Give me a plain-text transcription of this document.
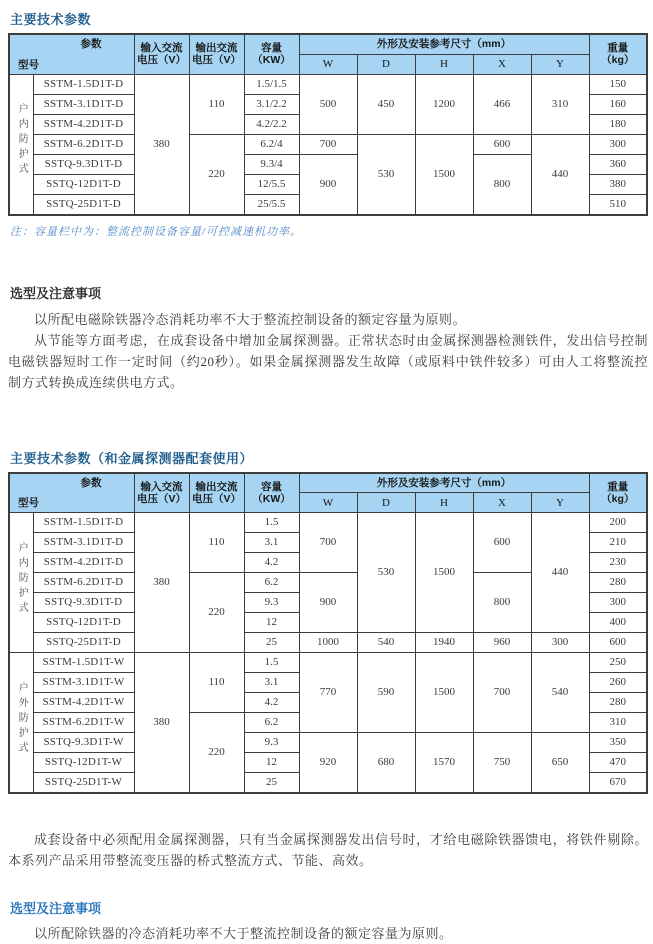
主要技术参数
参数
型号

输入交流
电压（V）

输出交流
电压（V）

容量
（KW）
	外形及安装参考尺寸（mm）	重量
（kg）

					W	D	H	X	Y	
户内防护式	SSTM-1.5D1T-D	380	110	1.5/1.5	500	450	1200	466	310	150
	SSTM-3.1D1T-D			3.1/2.2						160
	SSTM-4.2D1T-D			4.2/2.2						180
	SSTM-6.2D1T-D		220	6.2/4	700	530	1500	600	440	300
	SSTQ-9.3D1T-D			9.3/4	900			800		360
	SSTQ-12D1T-D			12/5.5						380
	SSTQ-25D1T-D			25/5.5						510

注：容量栏中为：整流控制设备容量/可控减速机功率。

选型及注意事项

以所配电磁除铁器冷态消耗功率不大于整流控制设备的额定容量为原则。

从节能等方面考虑，在成套设备中增加金属探测器。正常状态时由金属探测器检测铁件，发出信号控制电磁铁器短时工作一定时间（约20秒）。如果金属探测器发生故障（或原料中铁件较多）可由人工将整流控制方式转换成连续供电方式。

主要技术参数（和金属探测器配套使用）
参数
型号

输入交流
电压（V）

输出交流
电压（V）

容量
（KW）
	外形及安装参考尺寸（mm）	重量
（kg）

					W	D	H	X	Y	
户内防护式	SSTM-1.5D1T-D	380	110	1.5	700	530	1500	600	440	200
	SSTM-3.1D1T-D			3.1						210
	SSTM-4.2D1T-D			4.2						230
	SSTM-6.2D1T-D		220	6.2	900			800		280
	SSTQ-9.3D1T-D			9.3						300
	SSTQ-12D1T-D			12						400
	SSTQ-25D1T-D			25	1000	540	1940	960	300	600
户外防护式	SSTM-1.5D1T-W	380	110	1.5	770	590	1500	700	540	250
	SSTM-3.1D1T-W			3.1						260
	SSTM-4.2D1T-W			4.2						280
	SSTM-6.2D1T-W		220	6.2						310
	SSTQ-9.3D1T-W			9.3	920	680	1570	750	650	350
	SSTQ-12D1T-W			12						470
	SSTQ-25D1T-W			25						670

成套设备中必须配用金属探测器，只有当金属探测器发出信号时，才给电磁除铁器馈电，将铁件剔除。本系列产品采用带整流变压器的桥式整流方式、节能、高效。

选型及注意事项

以所配除铁器的冷态消耗功率不大于整流控制设备的额定容量为原则。
